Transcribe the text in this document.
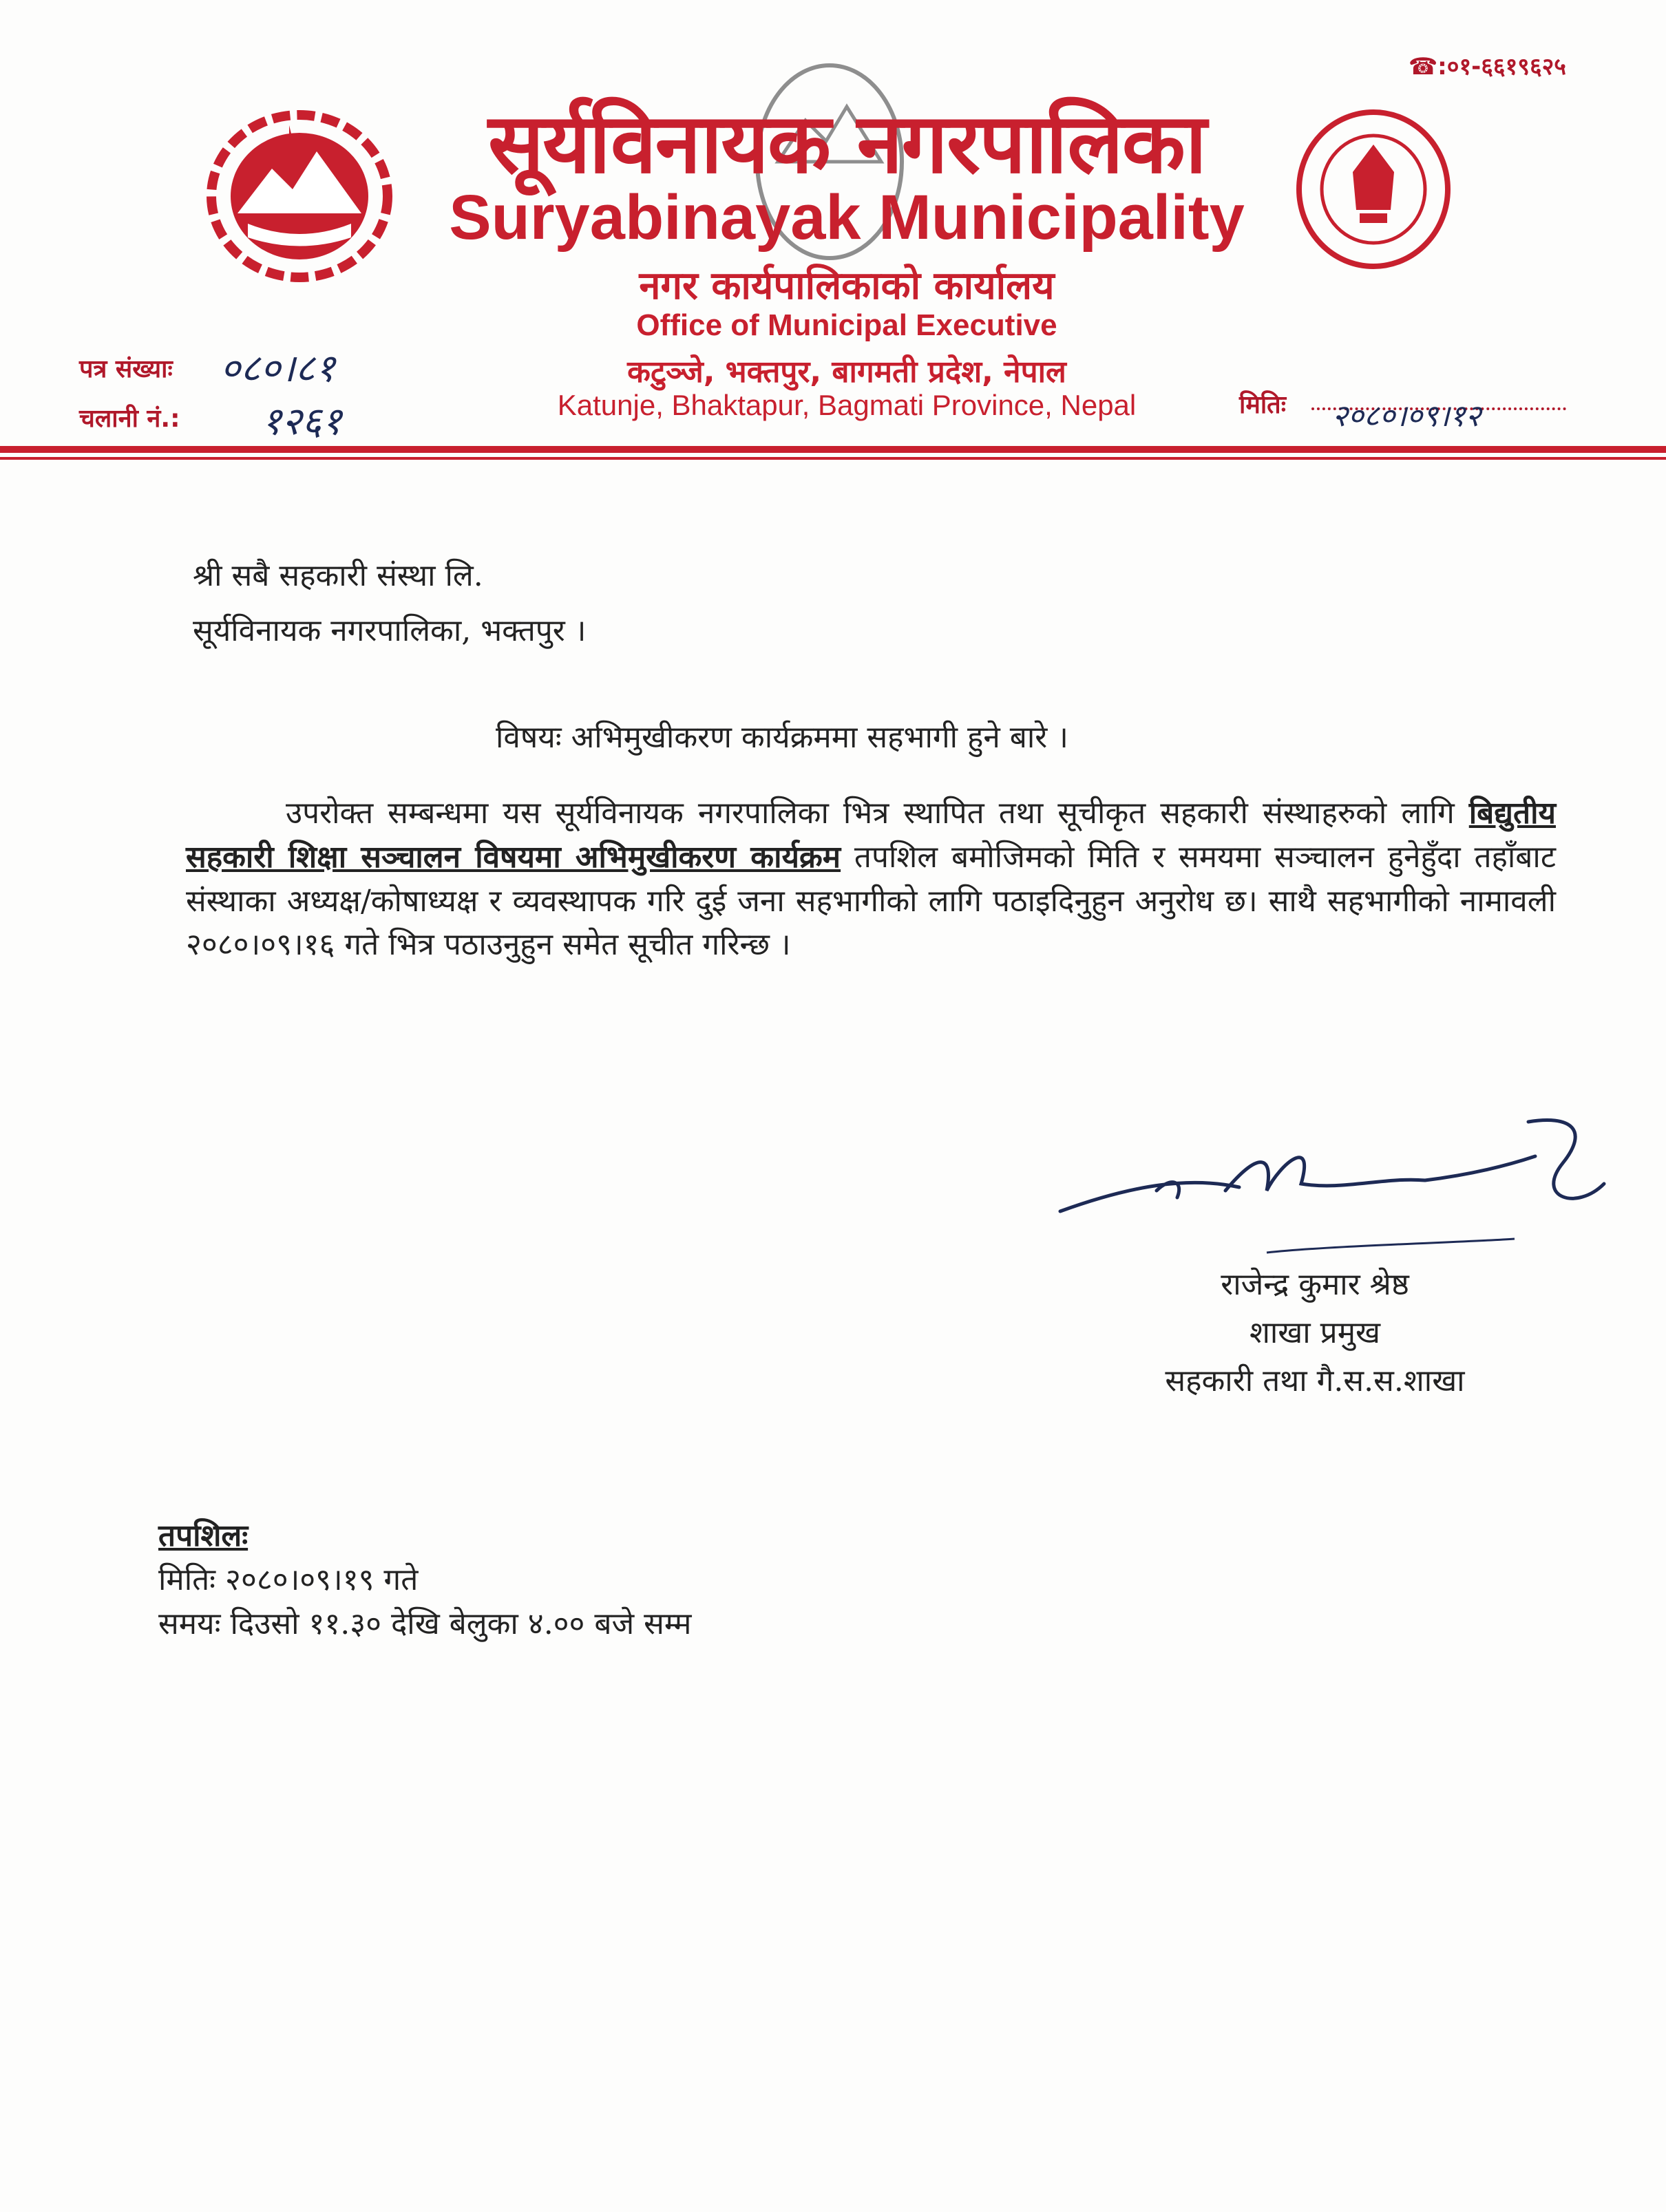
☎:०१-६६१९६२५
सूर्यविनायक नगरपालिका
Suryabinayak Municipality
नगर कार्यपालिकाको कार्यालय
Office of Municipal Executive
कटुञ्जे, भक्तपुर, बागमती प्रदेश, नेपाल
Katunje, Bhaktapur, Bagmati Province, Nepal
पत्र संख्याः ०८०।८१
चलानी नं.: १२६१	मितिः २०८०।०९।१२
श्री सबै सहकारी संस्था लि.
सूर्यविनायक नगरपालिका, भक्तपुर ।
विषयः अभिमुखीकरण कार्यक्रममा सहभागी हुने बारे ।
उपरोक्त सम्बन्धमा यस सूर्यविनायक नगरपालिका भित्र स्थापित तथा सूचीकृत सहकारी संस्थाहरुको लागि बिद्युतीय सहकारी शिक्षा सञ्चालन विषयमा अभिमुखीकरण कार्यक्रम तपशिल बमोजिमको मिति र समयमा सञ्चालन हुनेहुँदा तहाँबाट संस्थाका अध्यक्ष/कोषाध्यक्ष र व्यवस्थापक गरि दुई जना सहभागीको लागि पठाइदिनुहुन अनुरोध छ। साथै सहभागीको नामावली २०८०।०९।१६ गते भित्र पठाउनुहुन समेत सूचीत गरिन्छ ।
राजेन्द्र कुमार श्रेष्ठ
शाखा प्रमुख
सहकारी तथा गै.स.स.शाखा
तपशिलः
मितिः २०८०।०९।१९ गते
समयः दिउसो ११.३० देखि बेलुका ४.०० बजे सम्म
